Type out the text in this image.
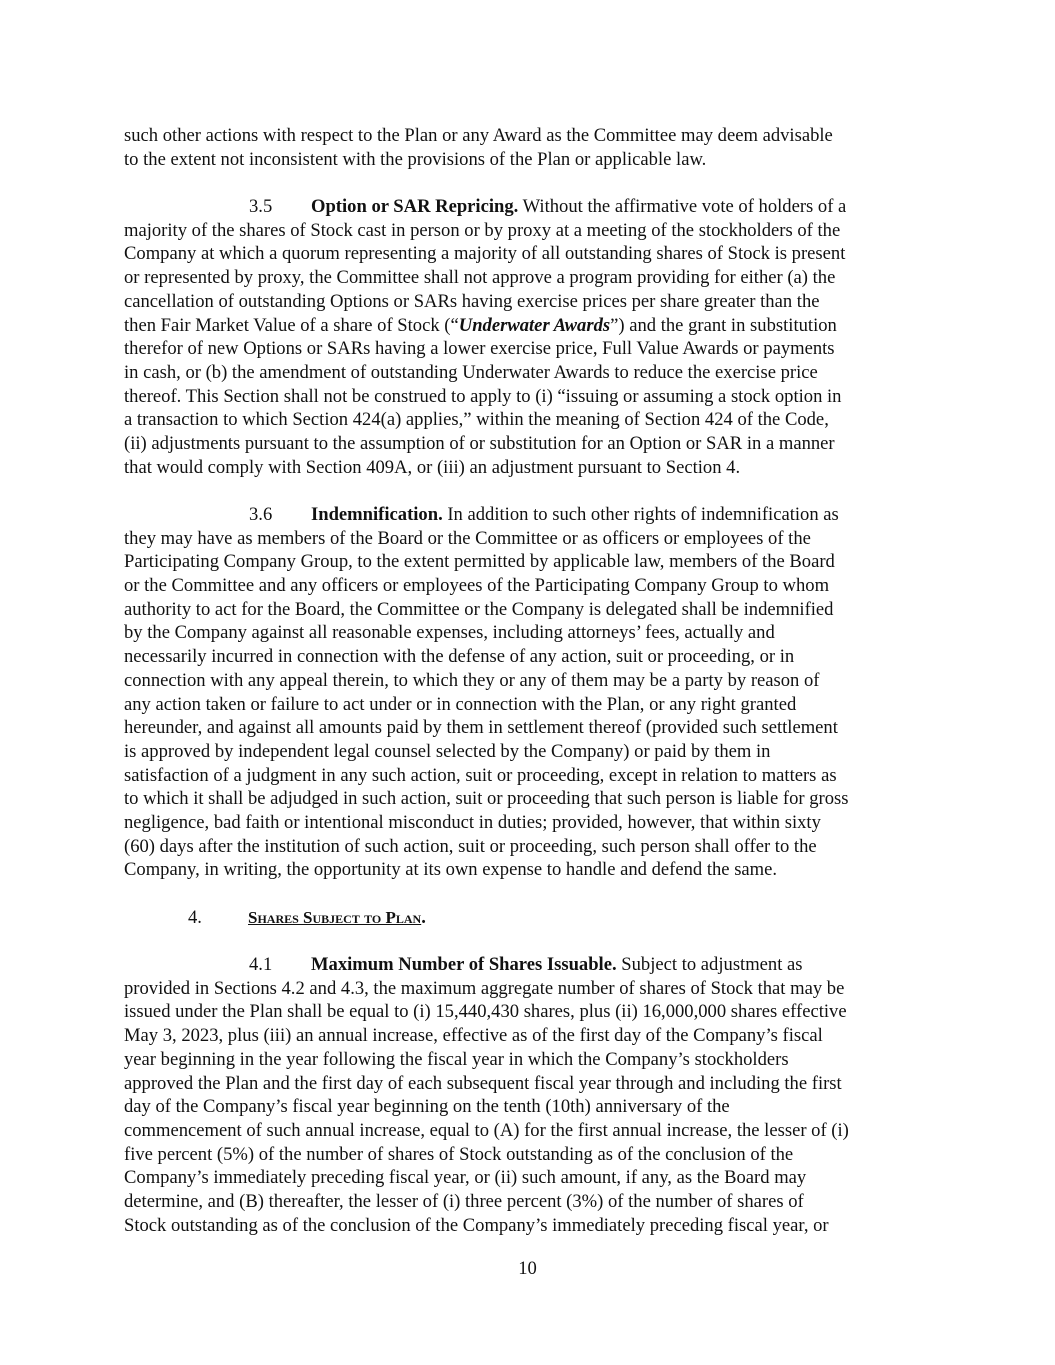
such other actions with respect to the Plan or any Award as the Committee may deem advisable
to the extent not inconsistent with the provisions of the Plan or applicable law.
3.5 Option or SAR Repricing. Without the affirmative vote of holders of a
majority of the shares of Stock cast in person or by proxy at a meeting of the stockholders of the
Company at which a quorum representing a majority of all outstanding shares of Stock is present
or represented by proxy, the Committee shall not approve a program providing for either (a) the
cancellation of outstanding Options or SARs having exercise prices per share greater than the
then Fair Market Value of a share of Stock (“Underwater Awards”) and the grant in substitution
therefor of new Options or SARs having a lower exercise price, Full Value Awards or payments
in cash, or (b) the amendment of outstanding Underwater Awards to reduce the exercise price
thereof. This Section shall not be construed to apply to (i) “issuing or assuming a stock option in
a transaction to which Section 424(a) applies,” within the meaning of Section 424 of the Code,
(ii) adjustments pursuant to the assumption of or substitution for an Option or SAR in a manner
that would comply with Section 409A, or (iii) an adjustment pursuant to Section 4.
3.6 Indemnification. In addition to such other rights of indemnification as
they may have as members of the Board or the Committee or as officers or employees of the
Participating Company Group, to the extent permitted by applicable law, members of the Board
or the Committee and any officers or employees of the Participating Company Group to whom
authority to act for the Board, the Committee or the Company is delegated shall be indemnified
by the Company against all reasonable expenses, including attorneys’ fees, actually and
necessarily incurred in connection with the defense of any action, suit or proceeding, or in
connection with any appeal therein, to which they or any of them may be a party by reason of
any action taken or failure to act under or in connection with the Plan, or any right granted
hereunder, and against all amounts paid by them in settlement thereof (provided such settlement
is approved by independent legal counsel selected by the Company) or paid by them in
satisfaction of a judgment in any such action, suit or proceeding, except in relation to matters as
to which it shall be adjudged in such action, suit or proceeding that such person is liable for gross
negligence, bad faith or intentional misconduct in duties; provided, however, that within sixty
(60) days after the institution of such action, suit or proceeding, such person shall offer to the
Company, in writing, the opportunity at its own expense to handle and defend the same.
4.	Shares Subject to Plan.
4.1 Maximum Number of Shares Issuable. Subject to adjustment as
provided in Sections 4.2 and 4.3, the maximum aggregate number of shares of Stock that may be
issued under the Plan shall be equal to (i) 15,440,430 shares, plus (ii) 16,000,000 shares effective
May 3, 2023, plus (iii) an annual increase, effective as of the first day of the Company’s fiscal
year beginning in the year following the fiscal year in which the Company’s stockholders
approved the Plan and the first day of each subsequent fiscal year through and including the first
day of the Company’s fiscal year beginning on the tenth (10th) anniversary of the
commencement of such annual increase, equal to (A) for the first annual increase, the lesser of (i)
five percent (5%) of the number of shares of Stock outstanding as of the conclusion of the
Company’s immediately preceding fiscal year, or (ii) such amount, if any, as the Board may
determine, and (B) thereafter, the lesser of (i) three percent (3%) of the number of shares of
Stock outstanding as of the conclusion of the Company’s immediately preceding fiscal year, or
10
